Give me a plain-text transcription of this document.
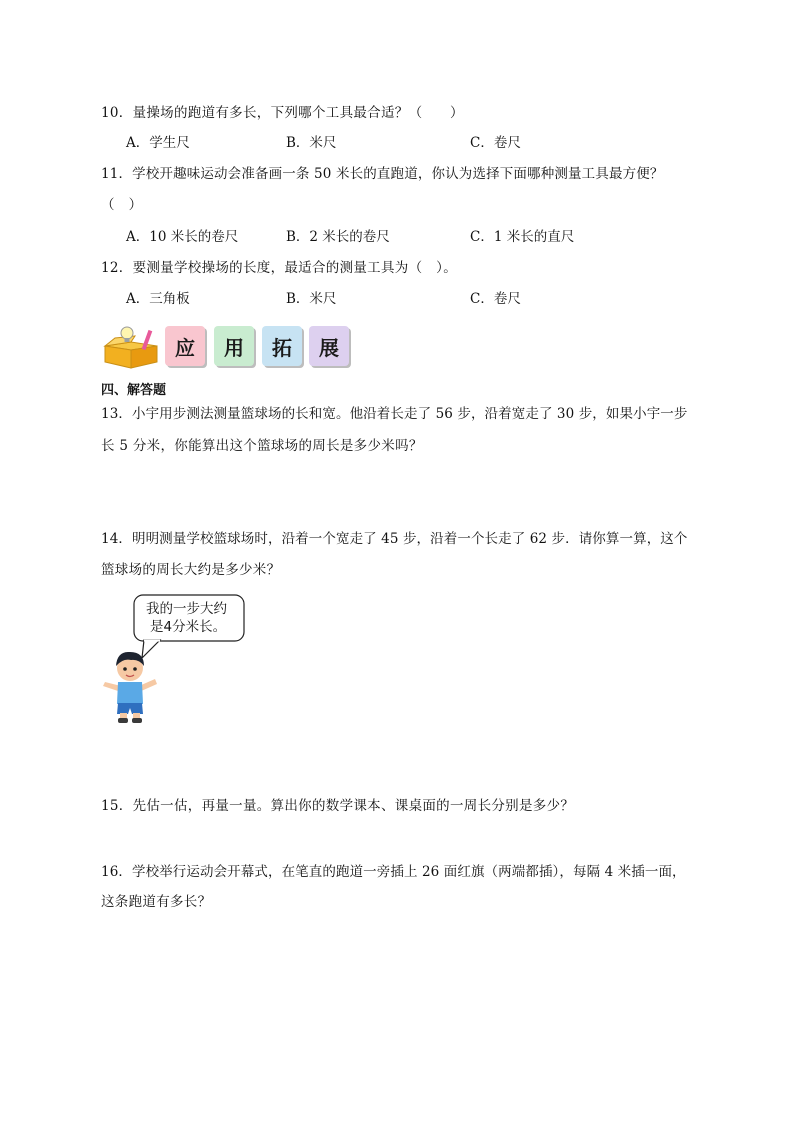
10．量操场的跑道有多长，下列哪个工具最合适？（　　）
A．学生尺	B．米尺	C．卷尺
11．学校开趣味运动会准备画一条 50 米长的直跑道，你认为选择下面哪种测量工具最方便？
（　）
A．10 米长的卷尺	B．2 米长的卷尺	C．1 米长的直尺
12．要测量学校操场的长度，最适合的测量工具为（　）。
A．三角板	B．米尺	C．卷尺
应 用 拓 展
四、解答题
13．小宇用步测法测量篮球场的长和宽。他沿着长走了 56 步，沿着宽走了 30 步，如果小宇一步
长 5 分米，你能算出这个篮球场的周长是多少米吗？
14．明明测量学校篮球场时，沿着一个宽走了 45 步，沿着一个长走了 62 步．请你算一算，这个
篮球场的周长大约是多少米？
我的一步大约
是4分米长。
15．先估一估，再量一量。算出你的数学课本、课桌面的一周长分别是多少？
16．学校举行运动会开幕式，在笔直的跑道一旁插上 26 面红旗（两端都插），每隔 4 米插一面，
这条跑道有多长？
